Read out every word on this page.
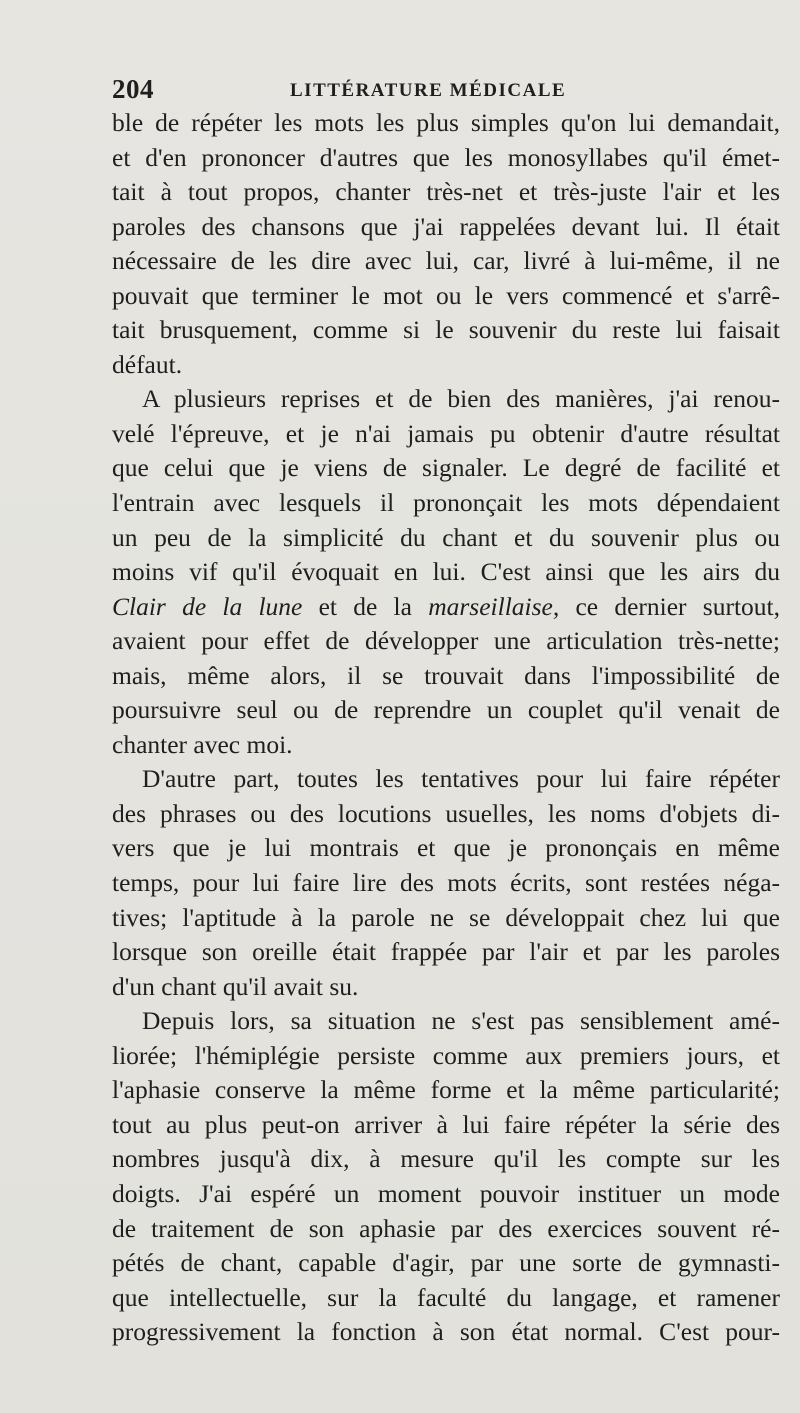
204	LITTÉRATURE MÉDICALE

ble de répéter les mots les plus simples qu'on lui demandait,
et d'en prononcer d'autres que les monosyllabes qu'il émet-
tait à tout propos, chanter très-net et très-juste l'air et les
paroles des chansons que j'ai rappelées devant lui. Il était
nécessaire de les dire avec lui, car, livré à lui-même, il ne
pouvait que terminer le mot ou le vers commencé et s'arrê-
tait brusquement, comme si le souvenir du reste lui faisait
défaut.

A plusieurs reprises et de bien des manières, j'ai renou-
velé l'épreuve, et je n'ai jamais pu obtenir d'autre résultat
que celui que je viens de signaler. Le degré de facilité et
l'entrain avec lesquels il prononçait les mots dépendaient
un peu de la simplicité du chant et du souvenir plus ou
moins vif qu'il évoquait en lui. C'est ainsi que les airs du
Clair de la lune et de la marseillaise, ce dernier surtout,
avaient pour effet de développer une articulation très-nette;
mais, même alors, il se trouvait dans l'impossibilité de
poursuivre seul ou de reprendre un couplet qu'il venait de
chanter avec moi.

D'autre part, toutes les tentatives pour lui faire répéter
des phrases ou des locutions usuelles, les noms d'objets di-
vers que je lui montrais et que je prononçais en même
temps, pour lui faire lire des mots écrits, sont restées néga-
tives; l'aptitude à la parole ne se développait chez lui que
lorsque son oreille était frappée par l'air et par les paroles
d'un chant qu'il avait su.

Depuis lors, sa situation ne s'est pas sensiblement amé-
liorée; l'hémiplégie persiste comme aux premiers jours, et
l'aphasie conserve la même forme et la même particularité;
tout au plus peut-on arriver à lui faire répéter la série des
nombres jusqu'à dix, à mesure qu'il les compte sur les
doigts. J'ai espéré un moment pouvoir instituer un mode
de traitement de son aphasie par des exercices souvent ré-
pétés de chant, capable d'agir, par une sorte de gymnasti-
que intellectuelle, sur la faculté du langage, et ramener
progressivement la fonction à son état normal. C'est pour-
